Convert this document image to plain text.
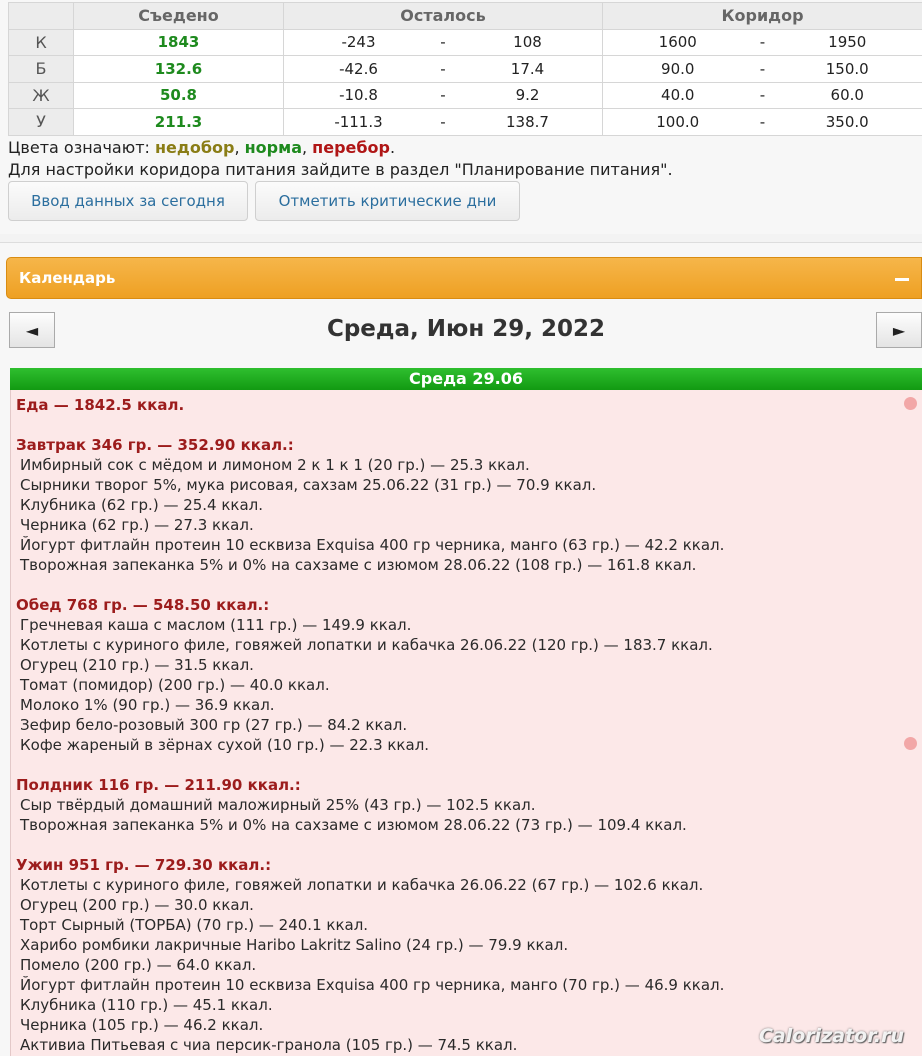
	Съедено	Осталось	Коридор
К	1843	-243 - 108	1600 - 1950

Б	132.6	-42.6 - 17.4	90.0 - 150.0

Ж	50.8	-10.8 - 9.2	40.0 - 60.0

У	211.3	-111.3 - 138.7	100.0 - 350.0
Цвета означают: недобор, норма, перебор.
Для настройки коридора питания зайдите в раздел "Планирование питания".
Ввод данных за сегодня	Отметить критические дни
Календарь
◄	Среда, Июн 29, 2022	►
Среда 29.06
Еда — 1842.5 ккал.
Завтрак 346 гр. — 352.90 ккал.:
Имбирный сок с мёдом и лимоном 2 к 1 к 1 (20 гр.) — 25.3 ккал.
Сырники творог 5%, мука рисовая, сахзам 25.06.22 (31 гр.) — 70.9 ккал.
Клубника (62 гр.) — 25.4 ккал.
Черника (62 гр.) — 27.3 ккал.
Йогурт фитлайн протеин 10 есквиза Exquisa 400 гр черника, манго (63 гр.) — 42.2 ккал.
Творожная запеканка 5% и 0% на сахзаме с изюмом 28.06.22 (108 гр.) — 161.8 ккал.
Обед 768 гр. — 548.50 ккал.:
Гречневая каша с маслом (111 гр.) — 149.9 ккал.
Котлеты с куриного филе, говяжей лопатки и кабачка 26.06.22 (120 гр.) — 183.7 ккал.
Огурец (210 гр.) — 31.5 ккал.
Томат (помидор) (200 гр.) — 40.0 ккал.
Молоко 1% (90 гр.) — 36.9 ккал.
Зефир бело-розовый 300 гр (27 гр.) — 84.2 ккал.
Кофе жареный в зёрнах сухой (10 гр.) — 22.3 ккал.
Полдник 116 гр. — 211.90 ккал.:
Сыр твёрдый домашний маложирный 25% (43 гр.) — 102.5 ккал.
Творожная запеканка 5% и 0% на сахзаме с изюмом 28.06.22 (73 гр.) — 109.4 ккал.
Ужин 951 гр. — 729.30 ккал.:
Котлеты с куриного филе, говяжей лопатки и кабачка 26.06.22 (67 гр.) — 102.6 ккал.
Огурец (200 гр.) — 30.0 ккал.
Торт Сырный (ТОРБА) (70 гр.) — 240.1 ккал.
Харибо ромбики лакричные Haribo Lakritz Salino (24 гр.) — 79.9 ккал.
Помело (200 гр.) — 64.0 ккал.
Йогурт фитлайн протеин 10 есквиза Exquisa 400 гр черника, манго (70 гр.) — 46.9 ккал.
Клубника (110 гр.) — 45.1 ккал.
Черника (105 гр.) — 46.2 ккал.
Активиа Питьевая с чиа персик-гранола (105 гр.) — 74.5 ккал.	Calorizator.ru
